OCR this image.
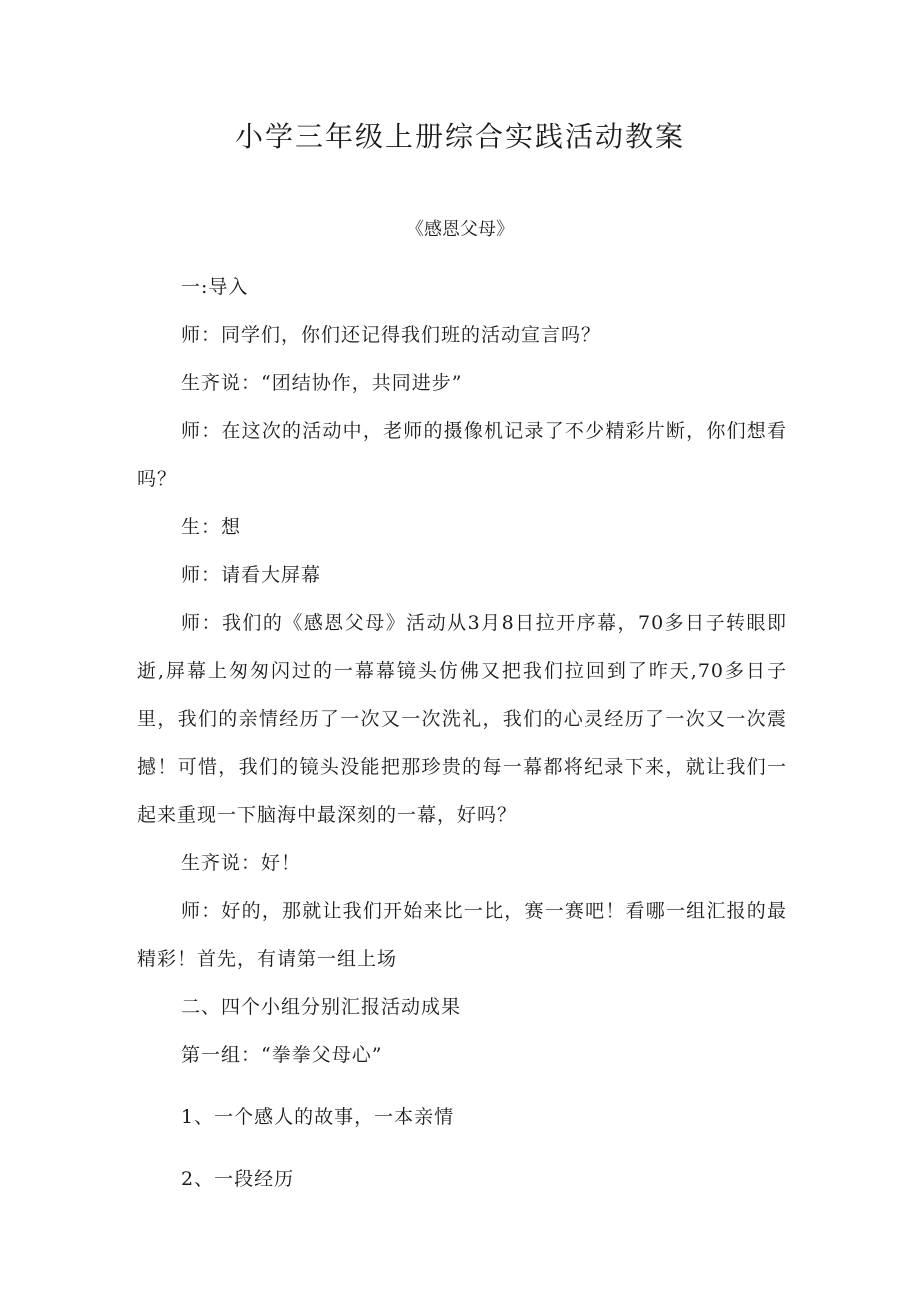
小学三年级上册综合实践活动教案
《感恩父母》

一:导入

师：同学们，你们还记得我们班的活动宣言吗？

生齐说：“团结协作，共同进步”

师：在这次的活动中，老师的摄像机记录了不少精彩片断，你们想看吗？

生：想

师：请看大屏幕

师：我们的《感恩父母》活动从3月8日拉开序幕，70多日子转眼即逝,屏幕上匆匆闪过的一幕幕镜头仿佛又把我们拉回到了昨天,70多日子里，我们的亲情经历了一次又一次洗礼，我们的心灵经历了一次又一次震撼！可惜，我们的镜头没能把那珍贵的每一幕都将纪录下来，就让我们一起来重现一下脑海中最深刻的一幕，好吗？

生齐说：好！

师：好的，那就让我们开始来比一比，赛一赛吧！看哪一组汇报的最精彩！首先，有请第一组上场

二、四个小组分别汇报活动成果

第一组：“拳拳父母心”

1、一个感人的故事，一本亲情

2、一段经历
